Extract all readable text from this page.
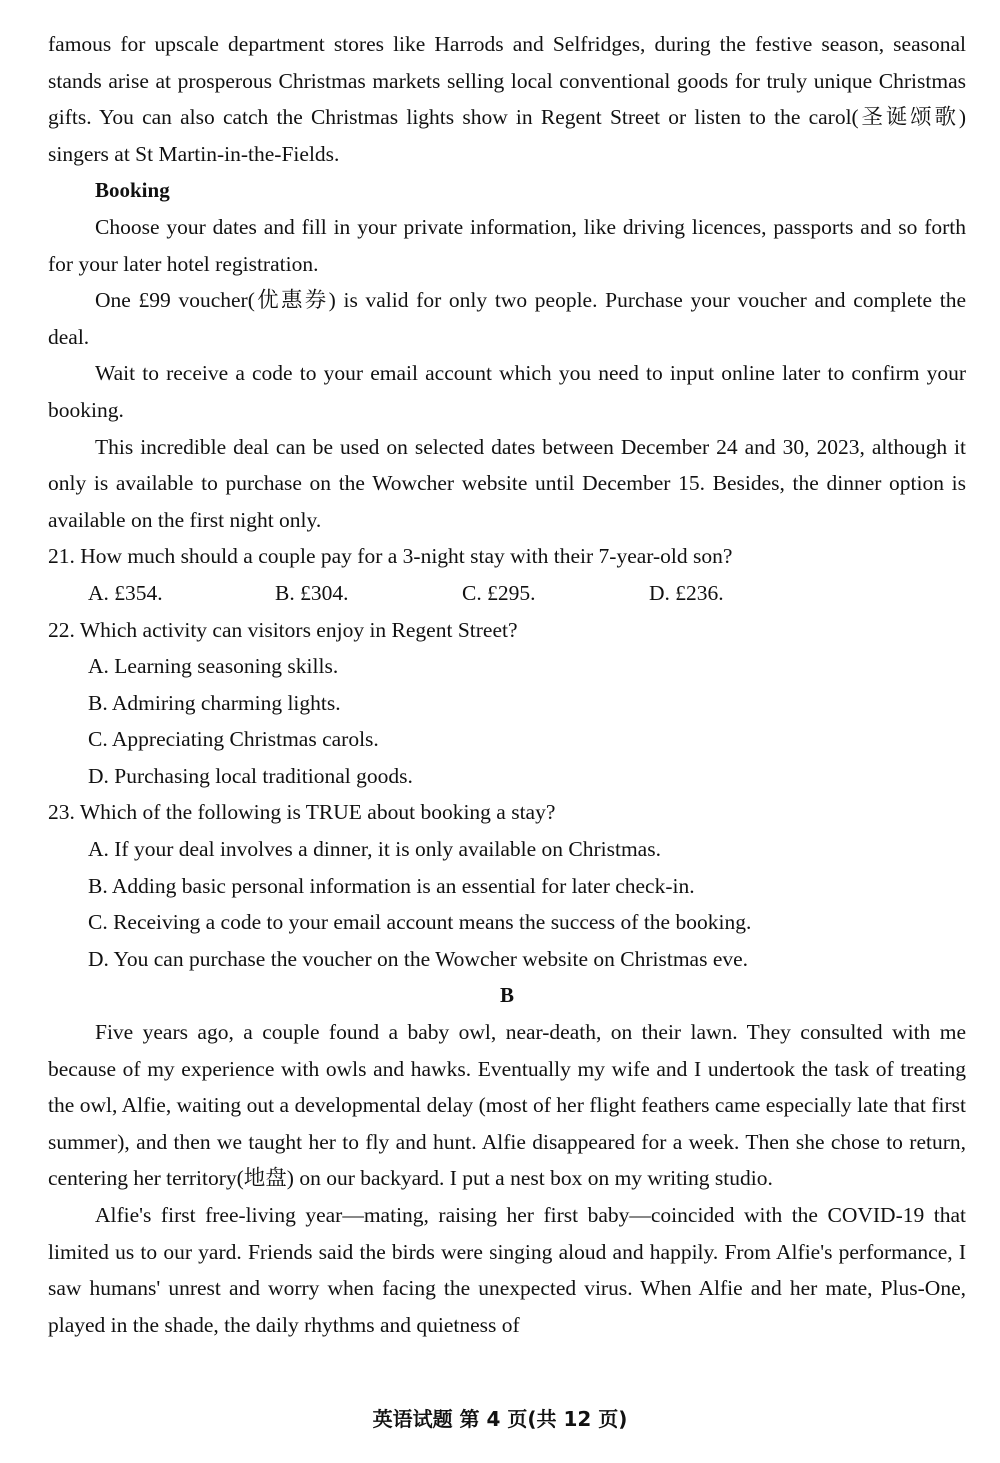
famous for upscale department stores like Harrods and Selfridges, during the festive season, seasonal stands arise at prosperous Christmas markets selling local conventional goods for truly unique Christmas gifts. You can also catch the Christmas lights show in Regent Street or listen to the carol(圣诞颂歌) singers at St Martin-in-the-Fields.

Booking

Choose your dates and fill in your private information, like driving licences, passports and so forth for your later hotel registration.

One £99 voucher(优惠券) is valid for only two people. Purchase your voucher and complete the deal.

Wait to receive a code to your email account which you need to input online later to confirm your booking.

This incredible deal can be used on selected dates between December 24 and 30, 2023, although it only is available to purchase on the Wowcher website until December 15. Besides, the dinner option is available on the first night only.

21. How much should a couple pay for a 3-night stay with their 7-year-old son?
A. £354.	B. £304.	C. £295.	D. £236.
22. Which activity can visitors enjoy in Regent Street?
A. Learning seasoning skills.
B. Admiring charming lights.
C. Appreciating Christmas carols.
D. Purchasing local traditional goods.
23. Which of the following is TRUE about booking a stay?
A. If your deal involves a dinner, it is only available on Christmas.
B. Adding basic personal information is an essential for later check-in.
C. Receiving a code to your email account means the success of the booking.
D. You can purchase the voucher on the Wowcher website on Christmas eve.
B

Five years ago, a couple found a baby owl, near-death, on their lawn. They consulted with me because of my experience with owls and hawks. Eventually my wife and I undertook the task of treating the owl, Alfie, waiting out a developmental delay (most of her flight feathers came especially late that first summer), and then we taught her to fly and hunt. Alfie disappeared for a week. Then she chose to return, centering her territory(地盘) on our backyard. I put a nest box on my writing studio.

Alfie's first free-living year—mating, raising her first baby—coincided with the COVID-19 that limited us to our yard. Friends said the birds were singing aloud and happily. From Alfie's performance, I saw humans' unrest and worry when facing the unexpected virus. When Alfie and her mate, Plus-One, played in the shade, the daily rhythms and quietness of

英语试题 第 4 页(共 12 页)
